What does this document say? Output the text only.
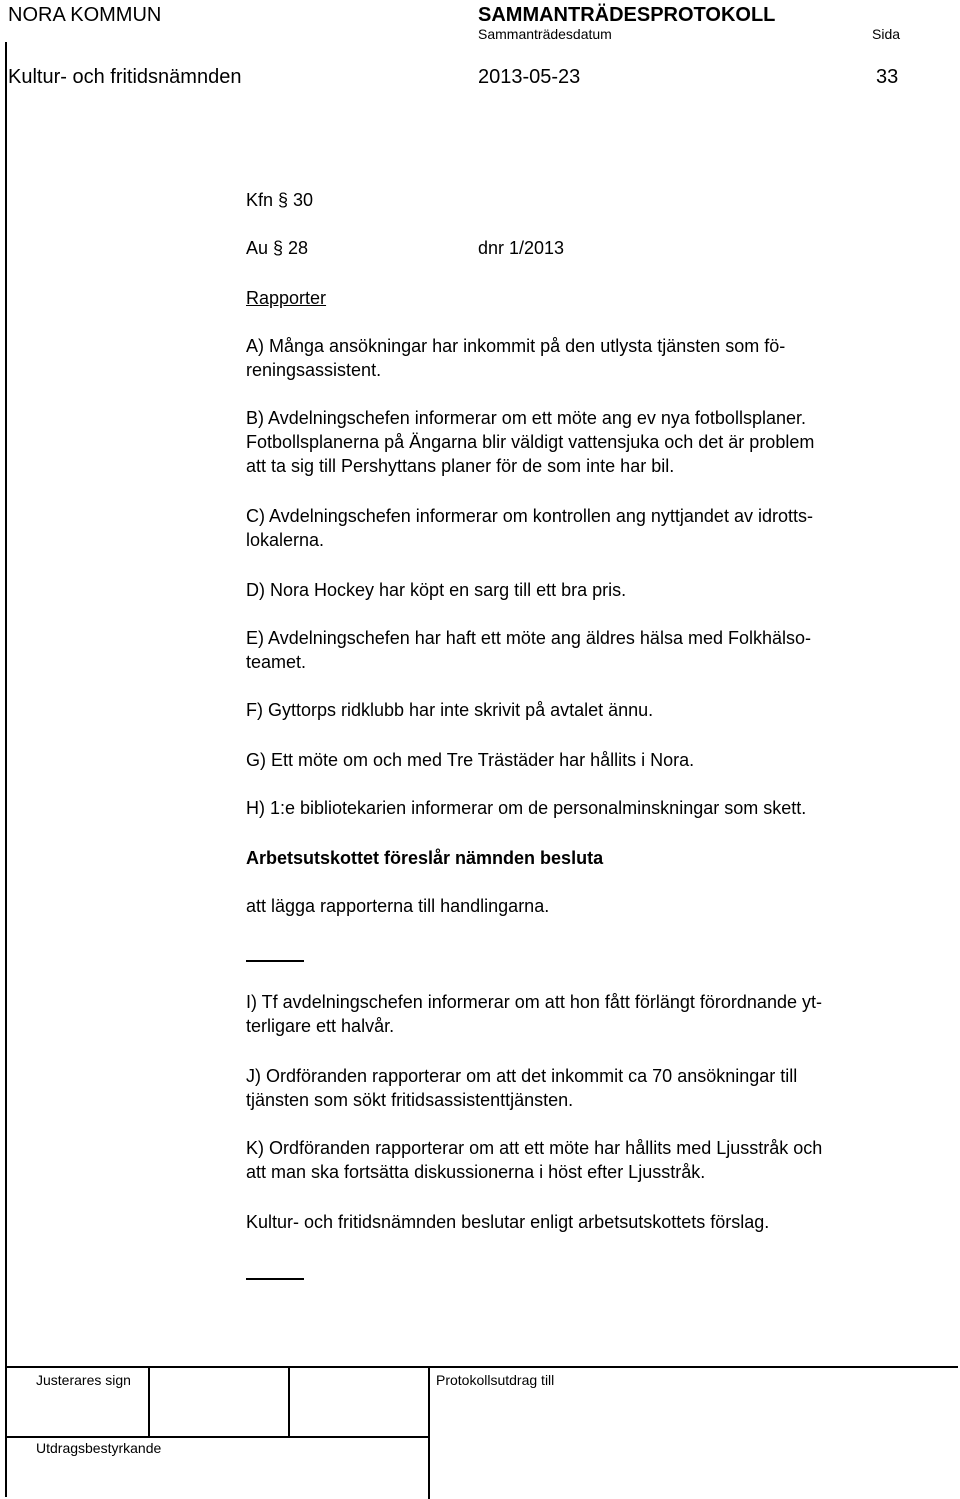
NORA KOMMUN	SAMMANTRÄDESPROTOKOLL
Sammanträdesdatum	Sida
Kultur- och fritidsnämnden	2013-05-23	33
Kfn § 30
Au § 28	dnr 1/2013
Rapporter
A) Många ansökningar har inkommit på den utlysta tjänsten som fö-
reningsassistent.
B) Avdelningschefen informerar om ett möte ang ev nya fotbollsplaner.
Fotbollsplanerna på Ängarna blir väldigt vattensjuka och det är problem
att ta sig till Pershyttans planer för de som inte har bil.
C) Avdelningschefen informerar om kontrollen ang nyttjandet av idrotts-
lokalerna.
D) Nora Hockey har köpt en sarg till ett bra pris.
E) Avdelningschefen har haft ett möte ang äldres hälsa med Folkhälso-
teamet.
F) Gyttorps ridklubb har inte skrivit på avtalet ännu.
G) Ett möte om och med Tre Trästäder har hållits i Nora.
H) 1:e bibliotekarien informerar om de personalminskningar som skett.
Arbetsutskottet föreslår nämnden besluta
att lägga rapporterna till handlingarna.
I) Tf avdelningschefen informerar om att hon fått förlängt förordnande yt-
terligare ett halvår.
J) Ordföranden rapporterar om att det inkommit ca 70 ansökningar till
tjänsten som sökt fritidsassistenttjänsten.
K) Ordföranden rapporterar om att ett möte har hållits med Ljusstråk och
att man ska fortsätta diskussionerna i höst efter Ljusstråk.
Kultur- och fritidsnämnden beslutar enligt arbetsutskottets förslag.
Justerares sign	Protokollsutdrag till
Utdragsbestyrkande
